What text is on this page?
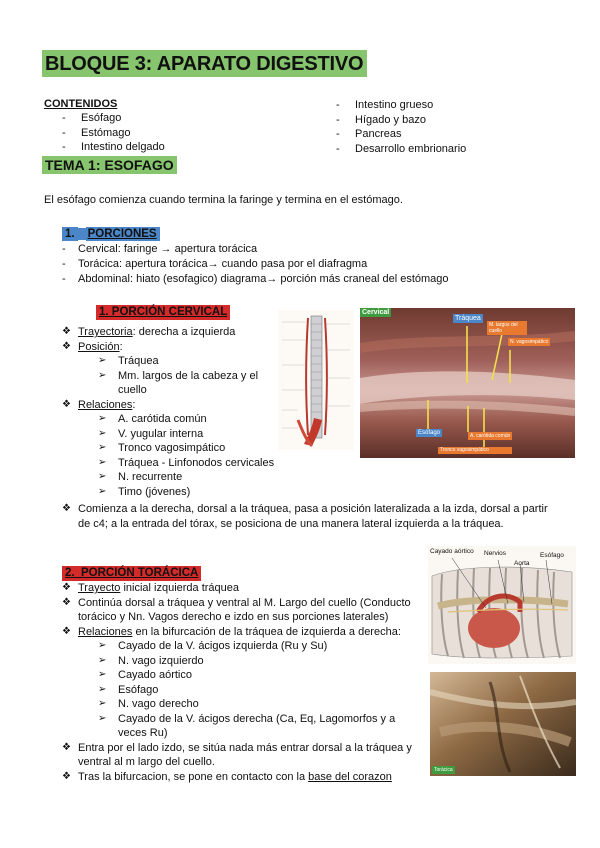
BLOQUE 3: APARATO DIGESTIVO
CONTENIDOS
- Esófago
- Estómago
- Intestino delgado
- Intestino grueso
- Hígado y bazo
- Pancreas
- Desarrollo embrionario
TEMA 1: ESOFAGO
El esófago comienza cuando termina la faringe y termina en el estómago.
1. PORCIONES
- Cervical: faringe → apertura torácica
- Torácica: apertura torácica→ cuando pasa por el diafragma
- Abdominal: hiato (esofagico) diagrama→ porción más craneal del estómago
1. PORCIÓN CERVICAL
❖ Trayectoria: derecha a izquierda
❖ Posición:
➢ Tráquea
➢ Mm. largos de la cabeza y el
cuello
❖ Relaciones:
➢ A. carótida común
➢ V. yugular interna
➢ Tronco vagosimpático
➢ Tráquea - Linfonodos cervicales
➢ N. recurrente
➢ Timo (jóvenes)
Cervical
Tráquea
M. largos del cuello
N. vagosimpático
Esófago	A. carótida común
Tronco vagosimpático
❖ Comienza a la derecha, dorsal a la tráquea, pasa a posición lateralizada a la izda, dorsal a partir
de c4; a la entrada del tórax, se posiciona de una manera lateral izquierda a la tráquea.
2. PORCIÓN TORÁCICA
❖ Trayecto inicial izquierda tráquea
❖ Continúa dorsal a tráquea y ventral al M. Largo del cuello (Conducto
torácico y Nn. Vagos derecho e izdo en sus porciones laterales)
❖ Relaciones en la bifurcación de la tráquea de izquierda a derecha:
➢ Cayado de la V. ácigos izquierda (Ru y Su)
➢ N. vago izquierdo
➢ Cayado aórtico
➢ Esófago
➢ N. vago derecho
➢ Cayado de la V. ácigos derecha (Ca, Eq, Lagomorfos y a
veces Ru)
❖ Entra por el lado izdo, se sitúa nada más entrar dorsal a la tráquea y
ventral al m largo del cuello.
❖ Tras la bifurcacion, se pone en contacto con la base del corazon
Cayado aórtico Nervios
Aorta
Esófago
Torácica
